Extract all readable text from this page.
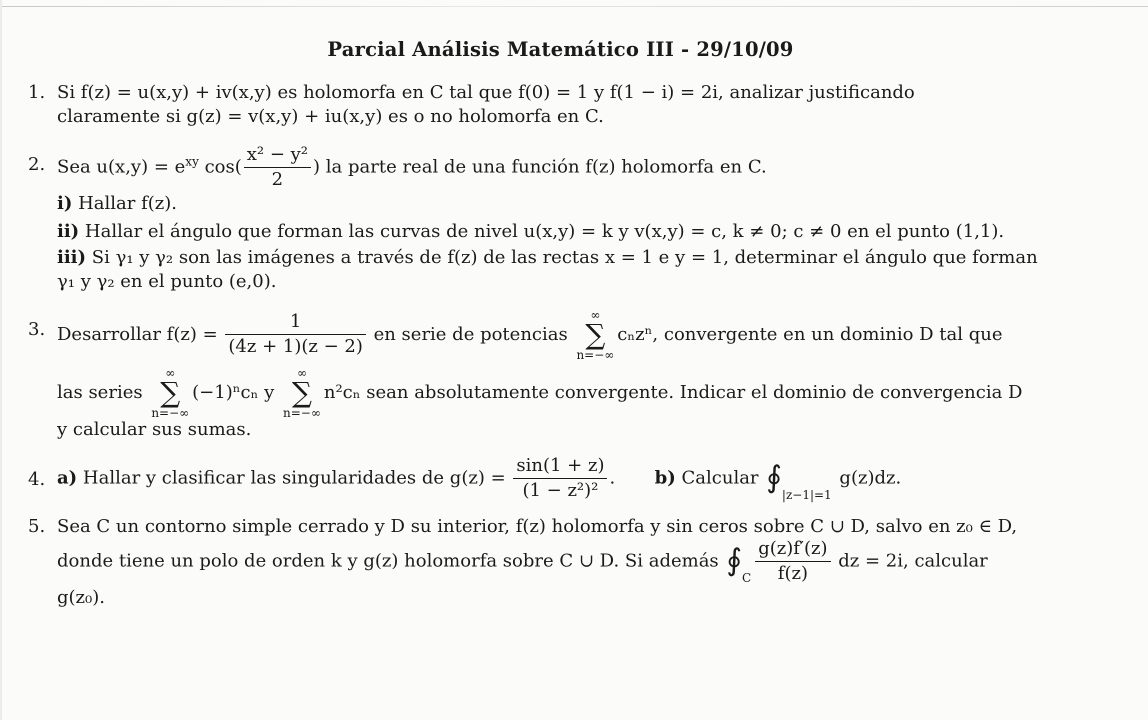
Parcial Análisis Matemático III - 29/10/09
1. Si f(z) = u(x,y) + iv(x,y) es holomorfa en C tal que f(0) = 1 y f(1 − i) = 2i, analizar justificando
claramente si g(z) = v(x,y) + iu(x,y) es o no holomorfa en C.
2. Sea $u(x,y) = e^{xy}$ $\cos( \frac{\text{x² − y²}}{2}$ ) la parte real de una función f(z) holomorfa en C.
i) Hallar f(z).
ii) Hallar el ángulo que forman las curvas de nivel u(x,y) = k y v(x,y) = c, k ≠ 0; c ≠ 0 en el punto (1,1).
iii) Si γ₁ y γ₂ son las imágenes a través de f(z) de las rectas x = 1 e y = 1, determinar el ángulo que forman
γ₁ y γ₂ en el punto (e,0).
3. Desarrollar $f(z) = \frac{1}{(4z + 1)(z - 2)}$ en serie de potencias
∞
∑
n=−∞
cₙzⁿ, convergente en un dominio D tal que
las series
∞
∑
n=−∞
(−1)ⁿcₙ y
∞
∑
n=−∞
n²cₙ sean absolutamente convergente. Indicar el dominio de convergencia D
y calcular sus sumas.
4. a) Hallar y clasificar las singularidades de $g(z) = \frac{\sin(1 + z)}{\text{(1 − z²)²}}$ . b) Calcular $∮_{|z-1|=1}$ g(z)dz.
5. Sea C un contorno simple cerrado y D su interior, f(z) holomorfa y sin ceros sobre C ∪ D, salvo en z₀ ∈ D,
donde tiene un polo de orden k y g(z) holomorfa sobre C ∪ D. Si además $∮_C \frac{g(z)f'(z)}{f(z)}$ dz = 2i, calcular
g(z₀).
